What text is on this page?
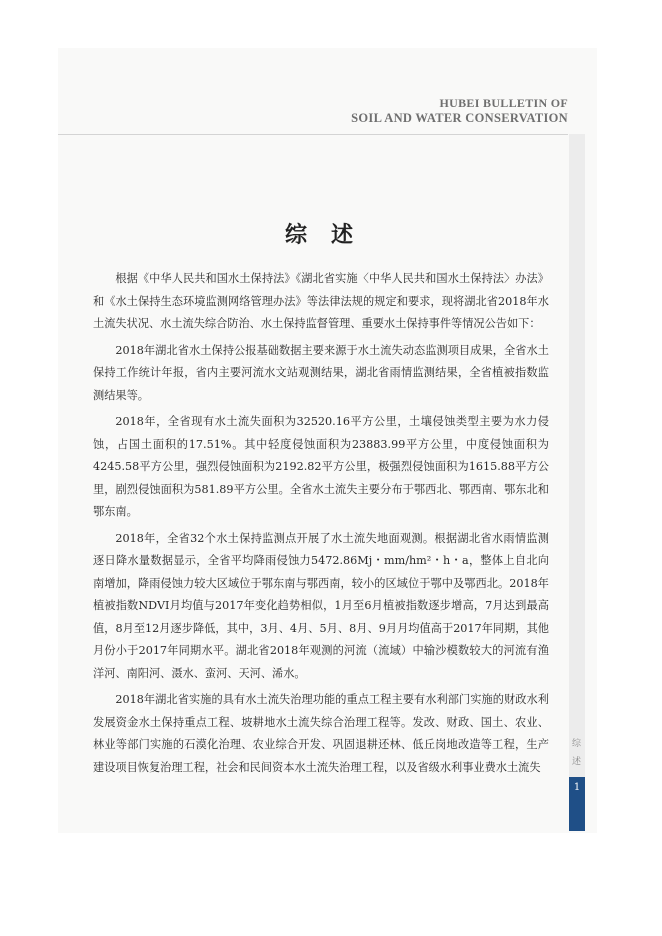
HUBEI BULLETIN OF
SOIL AND WATER CONSERVATION
综
述
1
综述

根据《中华人民共和国水土保持法》《湖北省实施〈中华人民共和国水土保持法〉办法》和《水土保持生态环境监测网络管理办法》等法律法规的规定和要求，现将湖北省2018年水土流失状况、水土流失综合防治、水土保持监督管理、重要水土保持事件等情况公告如下：

2018年湖北省水土保持公报基础数据主要来源于水土流失动态监测项目成果，全省水土保持工作统计年报，省内主要河流水文站观测结果，湖北省雨情监测结果，全省植被指数监测结果等。

2018年，全省现有水土流失面积为32520.16平方公里，土壤侵蚀类型主要为水力侵蚀，占国土面积的17.51%。其中轻度侵蚀面积为23883.99平方公里，中度侵蚀面积为4245.58平方公里，强烈侵蚀面积为2192.82平方公里，极强烈侵蚀面积为1615.88平方公里，剧烈侵蚀面积为581.89平方公里。全省水土流失主要分布于鄂西北、鄂西南、鄂东北和鄂东南。

2018年，全省32个水土保持监测点开展了水土流失地面观测。根据湖北省水雨情监测逐日降水量数据显示，全省平均降雨侵蚀力5472.86Mj・mm/hm²・h・a，整体上自北向南增加，降雨侵蚀力较大区域位于鄂东南与鄂西南，较小的区域位于鄂中及鄂西北。2018年植被指数NDVI月均值与2017年变化趋势相似，1月至6月植被指数逐步增高，7月达到最高值，8月至12月逐步降低，其中，3月、4月、5月、8月、9月月均值高于2017年同期，其他月份小于2017年同期水平。湖北省2018年观测的河流（流域）中输沙模数较大的河流有渔洋河、南阳河、滠水、蛮河、天河、浠水。

2018年湖北省实施的具有水土流失治理功能的重点工程主要有水利部门实施的财政水利发展资金水土保持重点工程、坡耕地水土流失综合治理工程等。发改、财政、国土、农业、林业等部门实施的石漠化治理、农业综合开发、巩固退耕还林、低丘岗地改造等工程，生产建设项目恢复治理工程，社会和民间资本水土流失治理工程，以及省级水利事业费水土流失
